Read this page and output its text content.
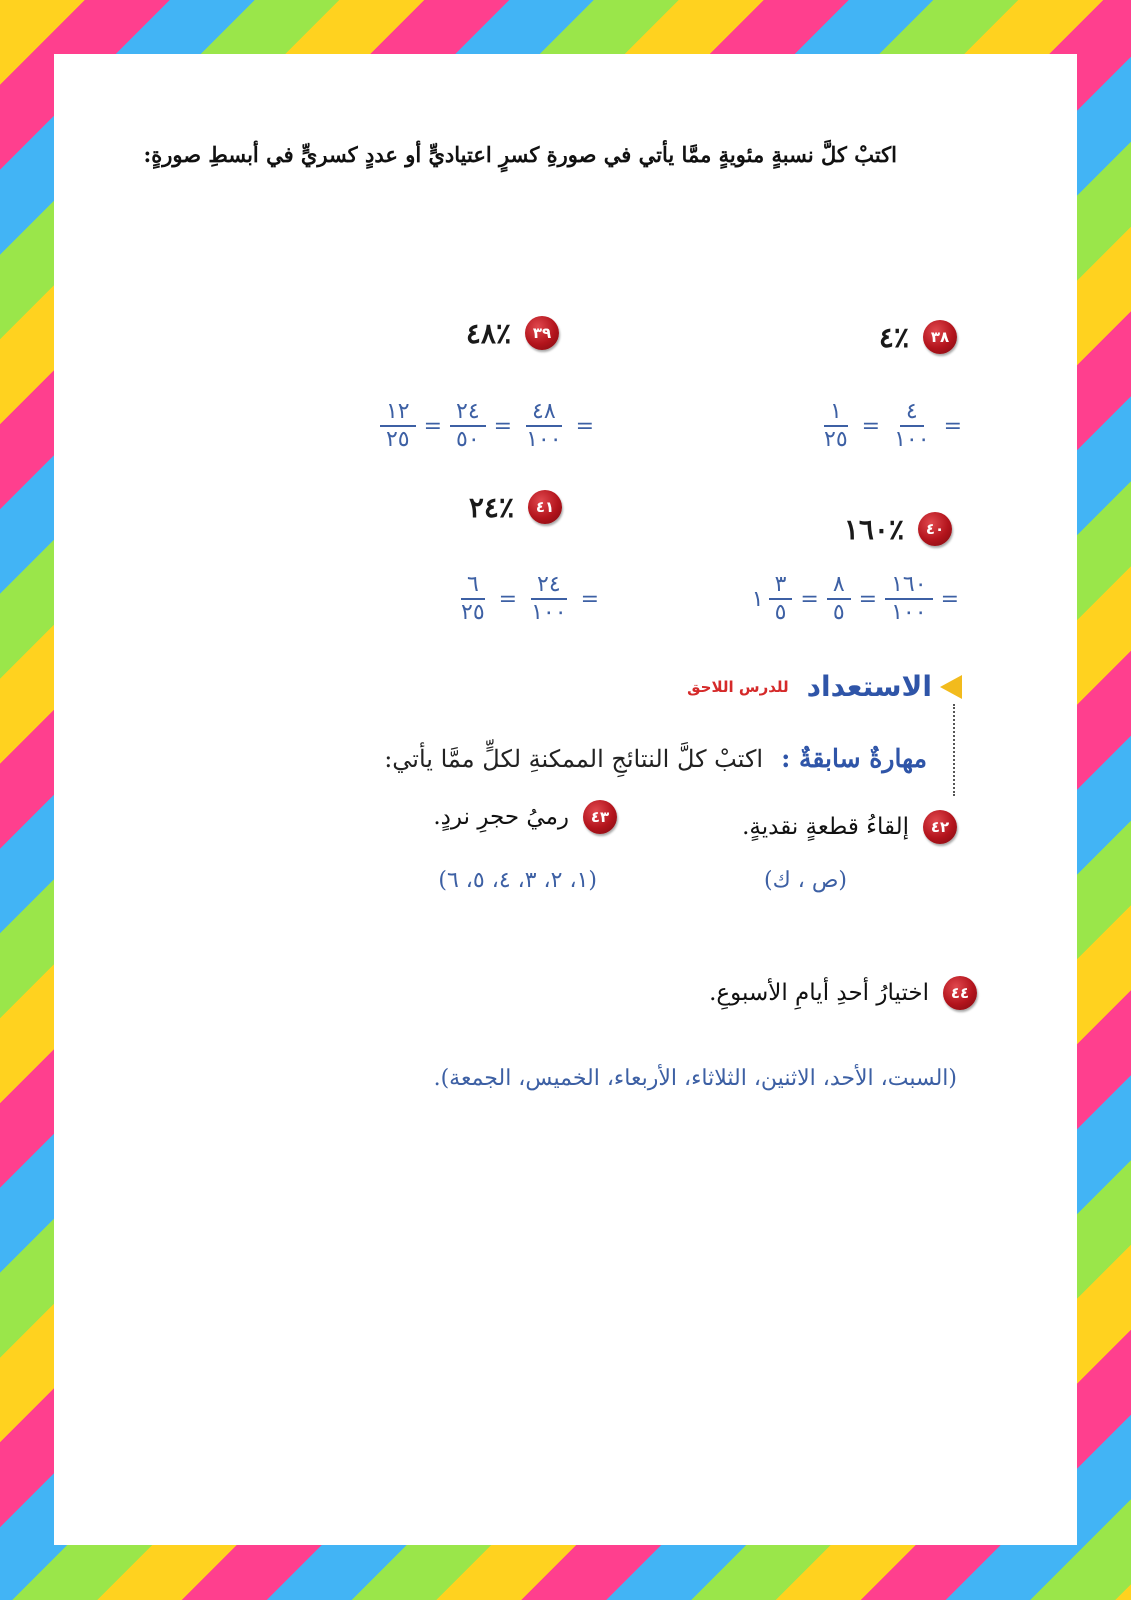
اكتبْ كلَّ نسبةٍ مئويةٍ ممَّا يأتي في صورةِ كسرٍ اعتياديٍّ أو عددٍ كسريٍّ في أبسطِ صورةٍ:
٣٨
٪٤
=
$\frac{٤}{١٠٠}$
=
$\frac{١}{٢٥}$
٣٩
٪٤٨
=
$\frac{٤٨}{١٠٠}$
=
$\frac{٢٤}{٥٠}$
=
$\frac{١٢}{٢٥}$
٤٠
٪١٦٠
=
$\frac{١٦٠}{١٠٠}$
=
$\frac{٨}{٥}$
=
$\frac{٣}{٥}$
١
٤١
٪٢٤
=
$\frac{٢٤}{١٠٠}$
=
$\frac{٦}{٢٥}$
الاستعداد
للدرس اللاحق
مهارةٌ سابقةٌ :
اكتبْ كلَّ النتائجِ الممكنةِ لكلٍّ ممَّا يأتي:
٤٢
إلقاءُ قطعةٍ نقديةٍ.
(ص ، ك)
٤٣
رميُ حجرِ نردٍ.
(١، ٢، ٣، ٤، ٥، ٦)
٤٤
اختيارُ أحدِ أيامِ الأسبوعِ.
(السبت، الأحد، الاثنين، الثلاثاء، الأربعاء، الخميس، الجمعة).
